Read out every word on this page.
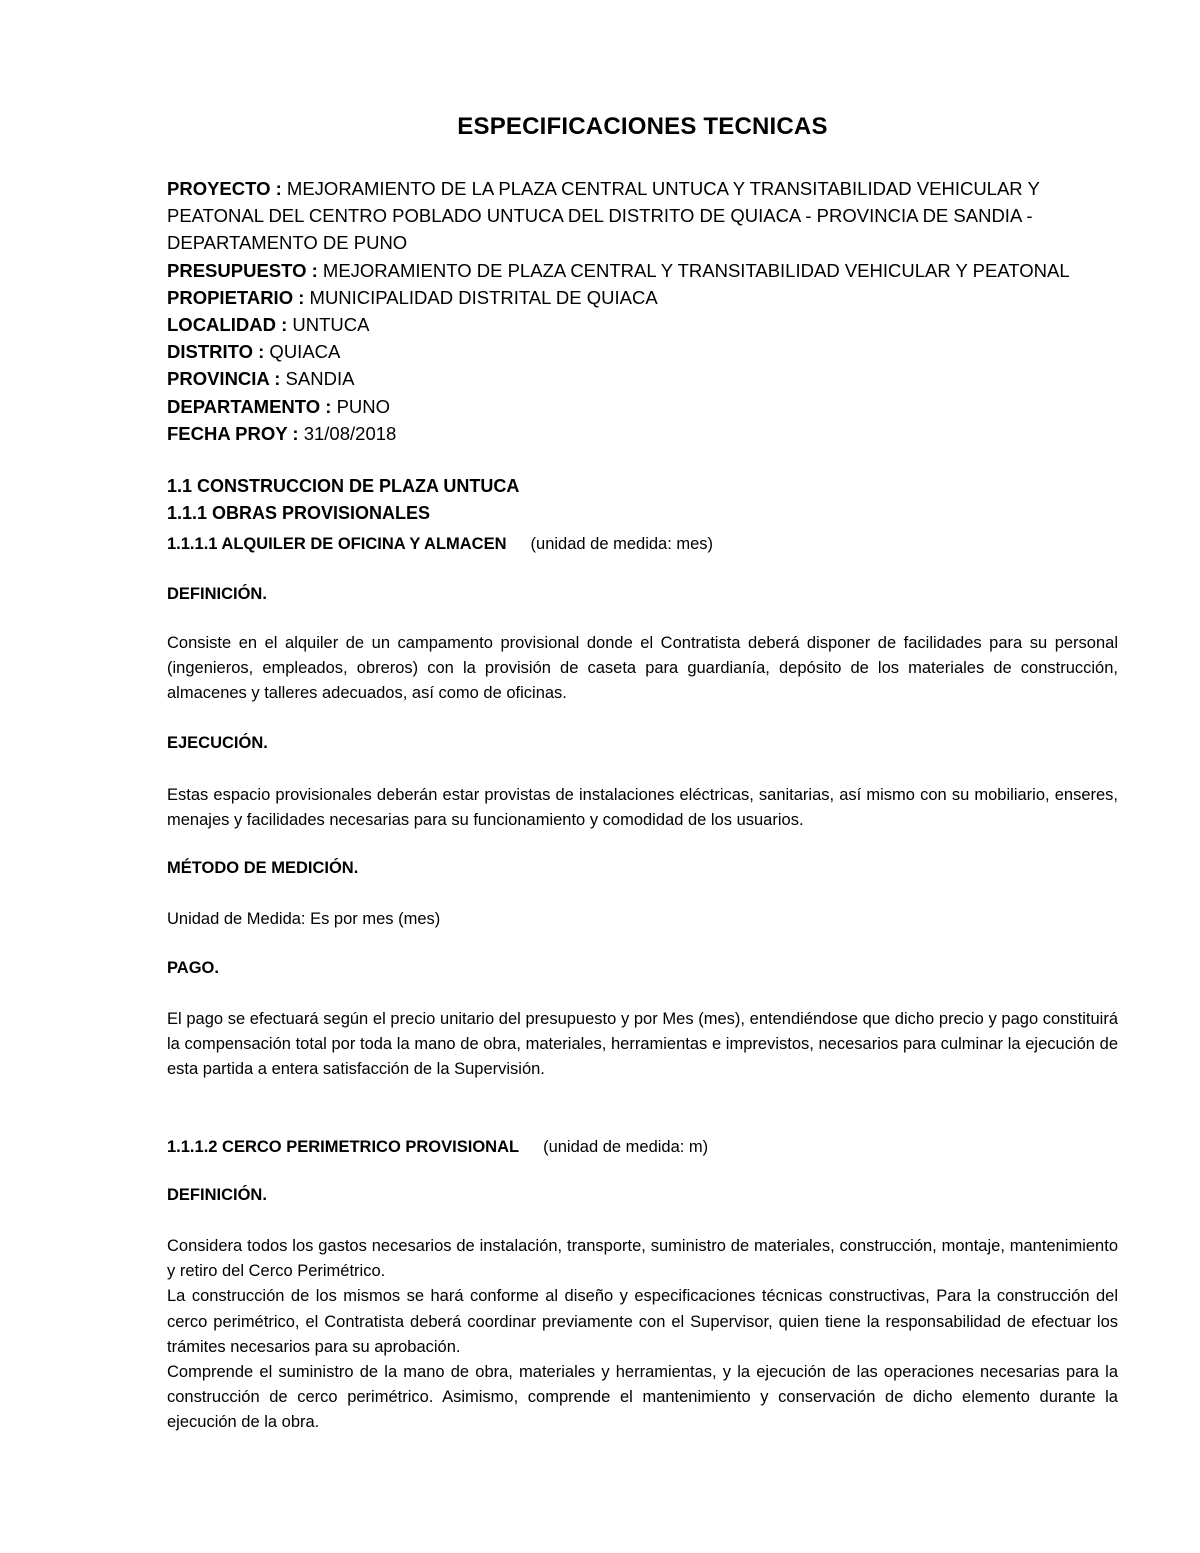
ESPECIFICACIONES TECNICAS

PROYECTO : MEJORAMIENTO DE LA PLAZA CENTRAL UNTUCA Y TRANSITABILIDAD VEHICULAR Y PEATONAL DEL CENTRO POBLADO UNTUCA DEL DISTRITO DE QUIACA - PROVINCIA DE SANDIA - DEPARTAMENTO DE PUNO

PRESUPUESTO : MEJORAMIENTO DE PLAZA CENTRAL Y TRANSITABILIDAD VEHICULAR Y PEATONAL

PROPIETARIO : MUNICIPALIDAD DISTRITAL DE QUIACA

LOCALIDAD : UNTUCA

DISTRITO : QUIACA

PROVINCIA : SANDIA

DEPARTAMENTO : PUNO

FECHA PROY : 31/08/2018

1.1 CONSTRUCCION DE PLAZA UNTUCA
1.1.1 OBRAS PROVISIONALES
1.1.1.1 ALQUILER DE OFICINA Y ALMACEN (unidad de medida: mes)
DEFINICIÓN.

Consiste en el alquiler de un campamento provisional donde el Contratista deberá disponer de facilidades para su personal (ingenieros, empleados, obreros) con la provisión de caseta para guardianía, depósito de los materiales de construcción, almacenes y talleres adecuados, así como de oficinas.

EJECUCIÓN.

Estas espacio provisionales deberán estar provistas de instalaciones eléctricas, sanitarias, así mismo con su mobiliario, enseres, menajes y facilidades necesarias para su funcionamiento y comodidad de los usuarios.

MÉTODO DE MEDICIÓN.

Unidad de Medida: Es por mes (mes)

PAGO.

El pago se efectuará según el precio unitario del presupuesto y por Mes (mes), entendiéndose que dicho precio y pago constituirá la compensación total por toda la mano de obra, materiales, herramientas e imprevistos, necesarios para culminar la ejecución de esta partida a entera satisfacción de la Supervisión.

1.1.1.2 CERCO PERIMETRICO PROVISIONAL (unidad de medida: m)
DEFINICIÓN.

Considera todos los gastos necesarios de instalación, transporte, suministro de materiales, construcción, montaje, mantenimiento y retiro del Cerco Perimétrico.

La construcción de los mismos se hará conforme al diseño y especificaciones técnicas constructivas, Para la construcción del cerco perimétrico, el Contratista deberá coordinar previamente con el Supervisor, quien tiene la responsabilidad de efectuar los trámites necesarios para su aprobación.

Comprende el suministro de la mano de obra, materiales y herramientas, y la ejecución de las operaciones necesarias para la construcción de cerco perimétrico. Asimismo, comprende el mantenimiento y conservación de dicho elemento durante la ejecución de la obra.
